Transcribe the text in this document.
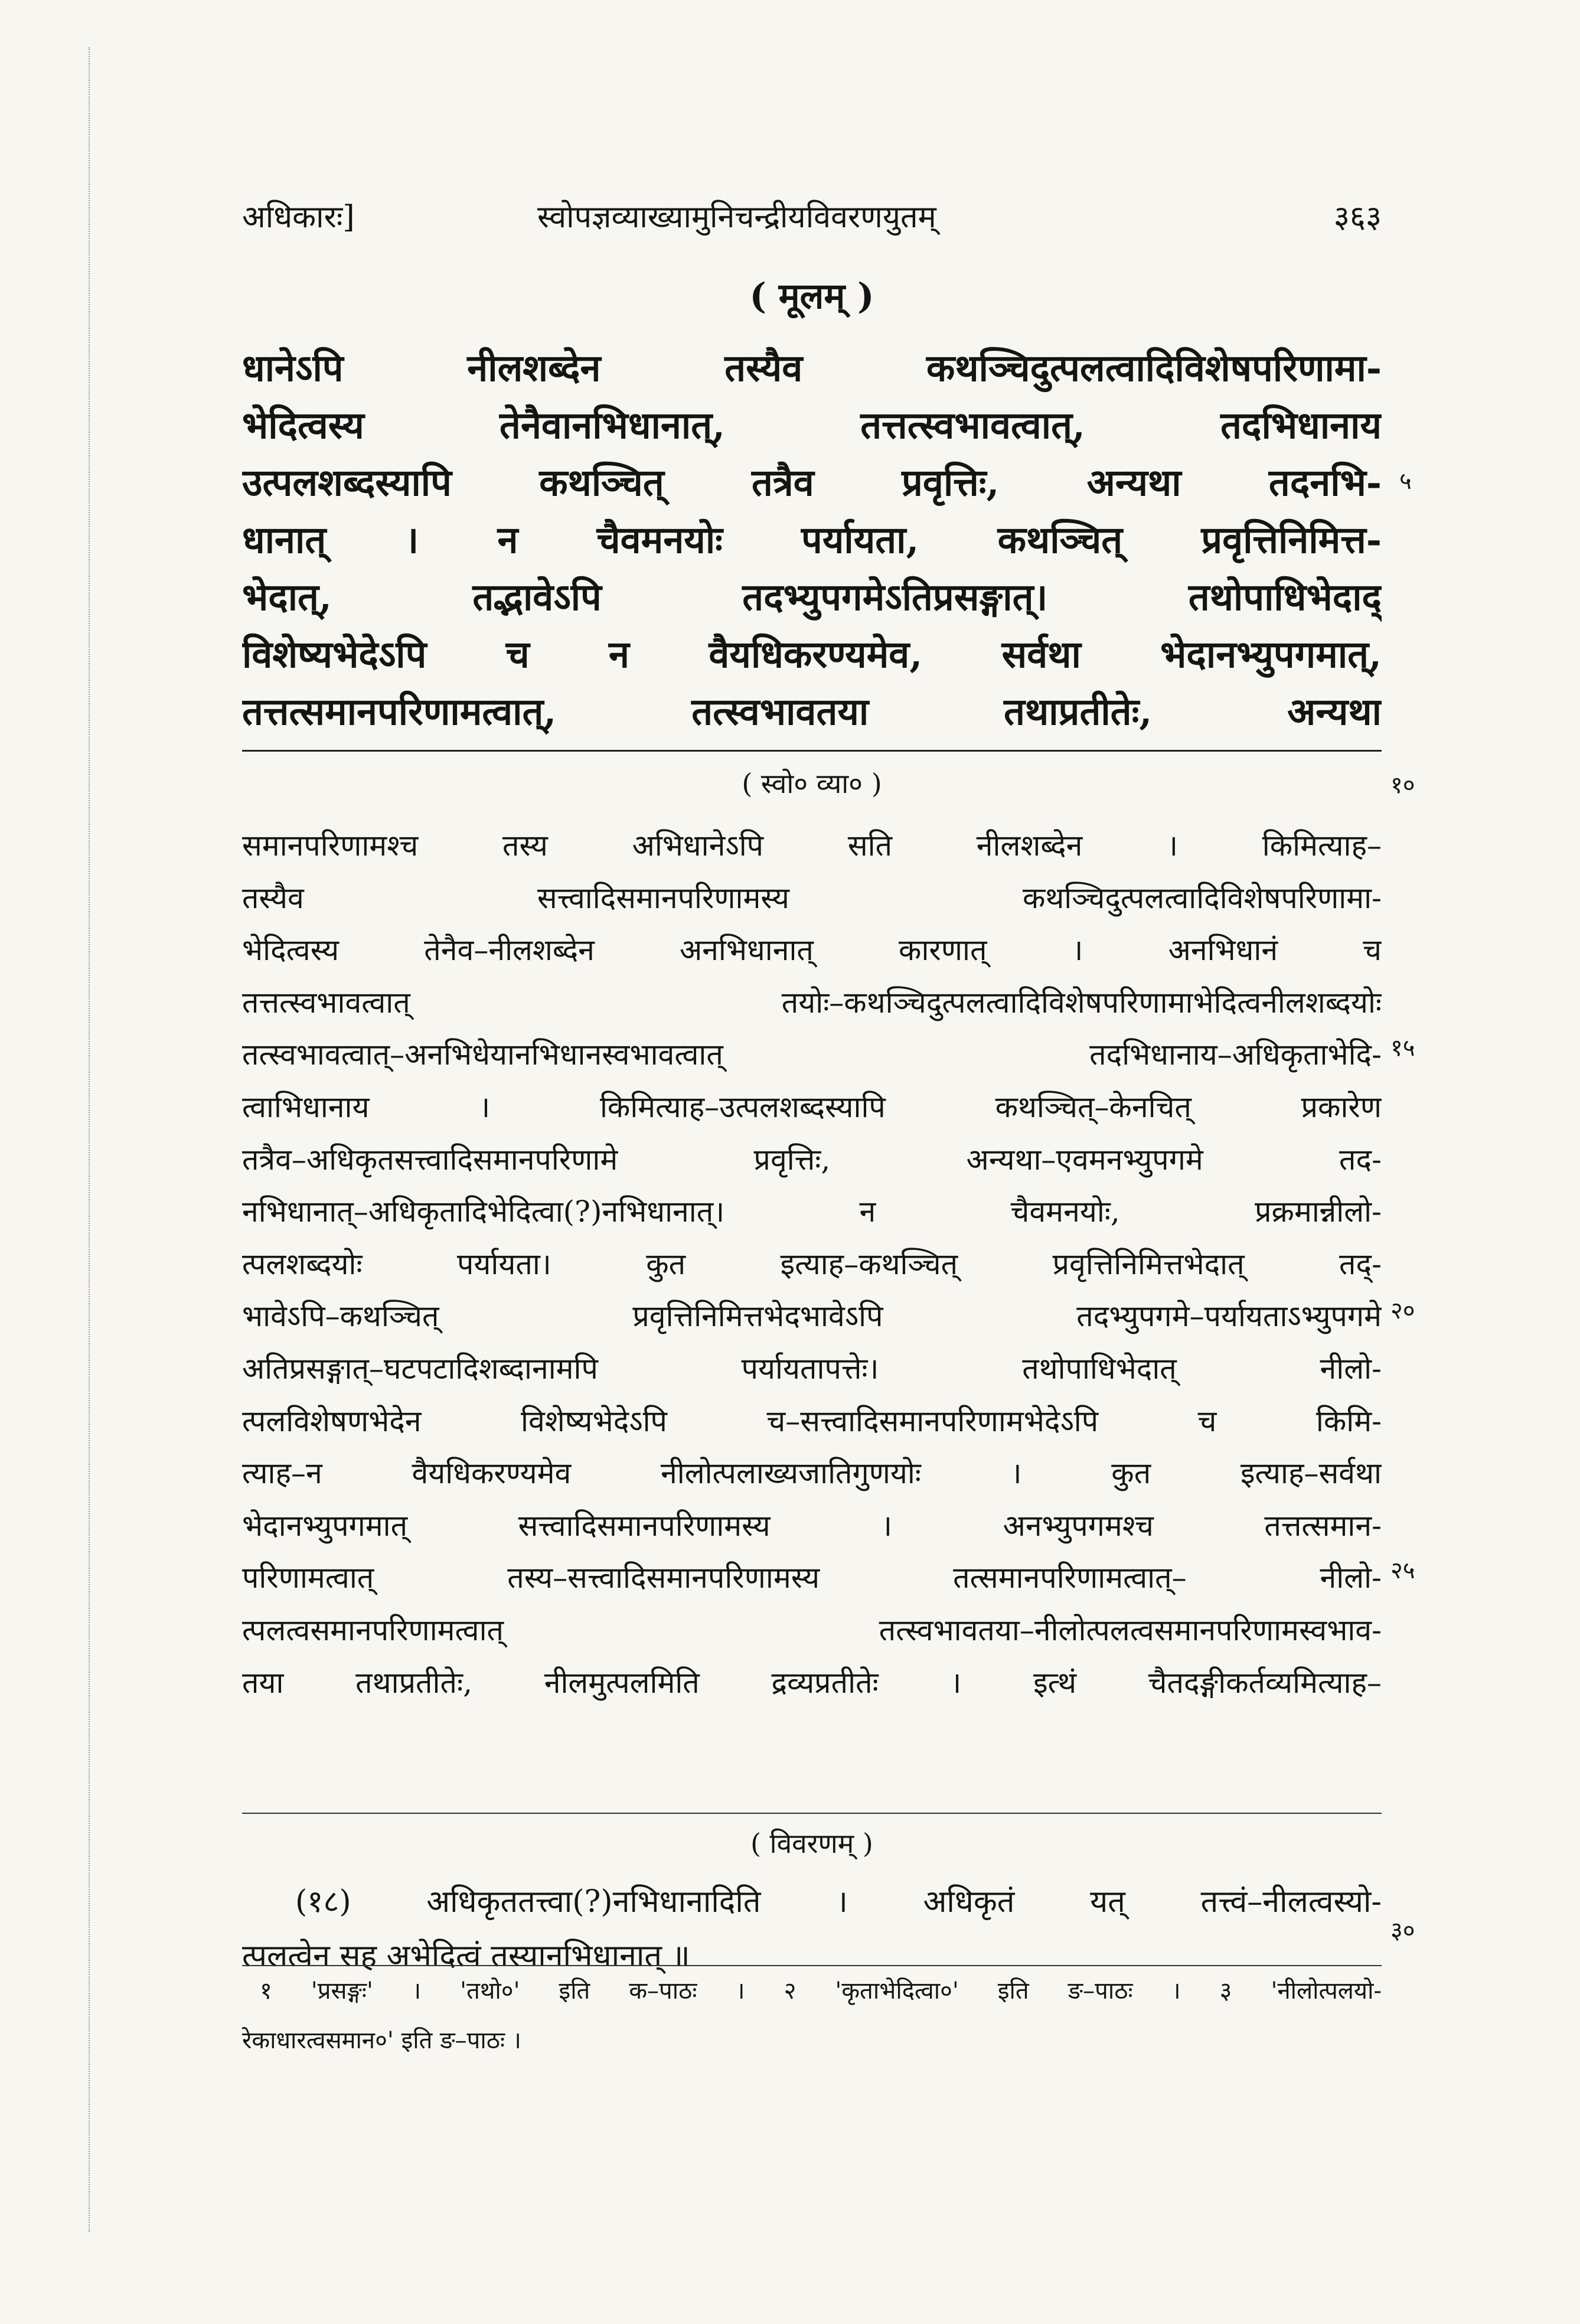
अधिकारः]	स्वोपज्ञव्याख्यामुनिचन्द्रीयविवरणयुतम्	३६३
( मूलम् )
धानेऽपि नीलशब्देन तस्यैव कथञ्चिदुत्पलत्वादिविशेषपरिणामा-
भेदित्वस्य तेनैवानभिधानात्, तत्तत्स्वभावत्वात्, तदभिधानाय
उत्पलशब्दस्यापि कथञ्चित् तत्रैव प्रवृत्तिः, अन्यथा तदनभि-
धानात् । न चैवमनयोः पर्यायता, कथञ्चित् प्रवृत्तिनिमित्त-
भेदात्, तद्भावेऽपि तदभ्युपगमेऽतिप्रसङ्गात्। तथोपाधिभेदाद्
विशेष्यभेदेऽपि च न वैयधिकरण्यमेव, सर्वथा भेदानभ्युपगमात्,
तत्तत्समानपरिणामत्वात्, तत्स्वभावतया तथाप्रतीतेः, अन्यथा
( स्वो० व्या० )
समानपरिणामश्च तस्य अभिधानेऽपि सति नीलशब्देन । किमित्याह–
तस्यैव सत्त्वादिसमानपरिणामस्य कथञ्चिदुत्पलत्वादिविशेषपरिणामा-
भेदित्वस्य तेनैव–नीलशब्देन अनभिधानात् कारणात् । अनभिधानं च
तत्तत्स्वभावत्वात् तयोः–कथञ्चिदुत्पलत्वादिविशेषपरिणामाभेदित्वनीलशब्दयोः
तत्स्वभावत्वात्–अनभिधेयानभिधानस्वभावत्वात् तदभिधानाय–अधिकृताभेदि-
त्वाभिधानाय । किमित्याह–उत्पलशब्दस्यापि कथञ्चित्–केनचित् प्रकारेण
तत्रैव–अधिकृतसत्त्वादिसमानपरिणामे प्रवृत्तिः, अन्यथा–एवमनभ्युपगमे तद-
नभिधानात्–अधिकृतादिभेदित्वा(?)नभिधानात्। न चैवमनयोः, प्रक्रमान्नीलो-
त्पलशब्दयोः पर्यायता। कुत इत्याह–कथञ्चित् प्रवृत्तिनिमित्तभेदात् तद्-
भावेऽपि–कथञ्चित् प्रवृत्तिनिमित्तभेदभावेऽपि तदभ्युपगमे–पर्यायताऽभ्युपगमे
अतिप्रसङ्गात्–घटपटादिशब्दानामपि पर्यायतापत्तेः। तथोपाधिभेदात् नीलो-
त्पलविशेषणभेदेन विशेष्यभेदेऽपि च–सत्त्वादिसमानपरिणामभेदेऽपि च किमि-
त्याह–न वैयधिकरण्यमेव नीलोत्पलाख्यजातिगुणयोः । कुत इत्याह–सर्वथा
भेदानभ्युपगमात् सत्त्वादिसमानपरिणामस्य । अनभ्युपगमश्च तत्तत्समान-
परिणामत्वात् तस्य–सत्त्वादिसमानपरिणामस्य तत्समानपरिणामत्वात्– नीलो-
त्पलत्वसमानपरिणामत्वात् तत्स्वभावतया–नीलोत्पलत्वसमानपरिणामस्वभाव-
तया तथाप्रतीतेः, नीलमुत्पलमिति द्रव्यप्रतीतेः । इत्थं चैतदङ्गीकर्तव्यमित्याह–
( विवरणम् )
(१८) अधिकृततत्त्वा(?)नभिधानादिति । अधिकृतं यत् तत्त्वं–नीलत्वस्यो-
त्पलत्वेन सह अभेदित्वं तस्यानभिधानात् ॥
१ 'प्रसङ्गः' । 'तथो०' इति क–पाठः । २ 'कृताभेदित्वा०' इति ङ–पाठः । ३ 'नीलोत्पलयो-
रेकाधारत्वसमान०' इति ङ–पाठः ।
५
१०
१५
२०
२५
३०
